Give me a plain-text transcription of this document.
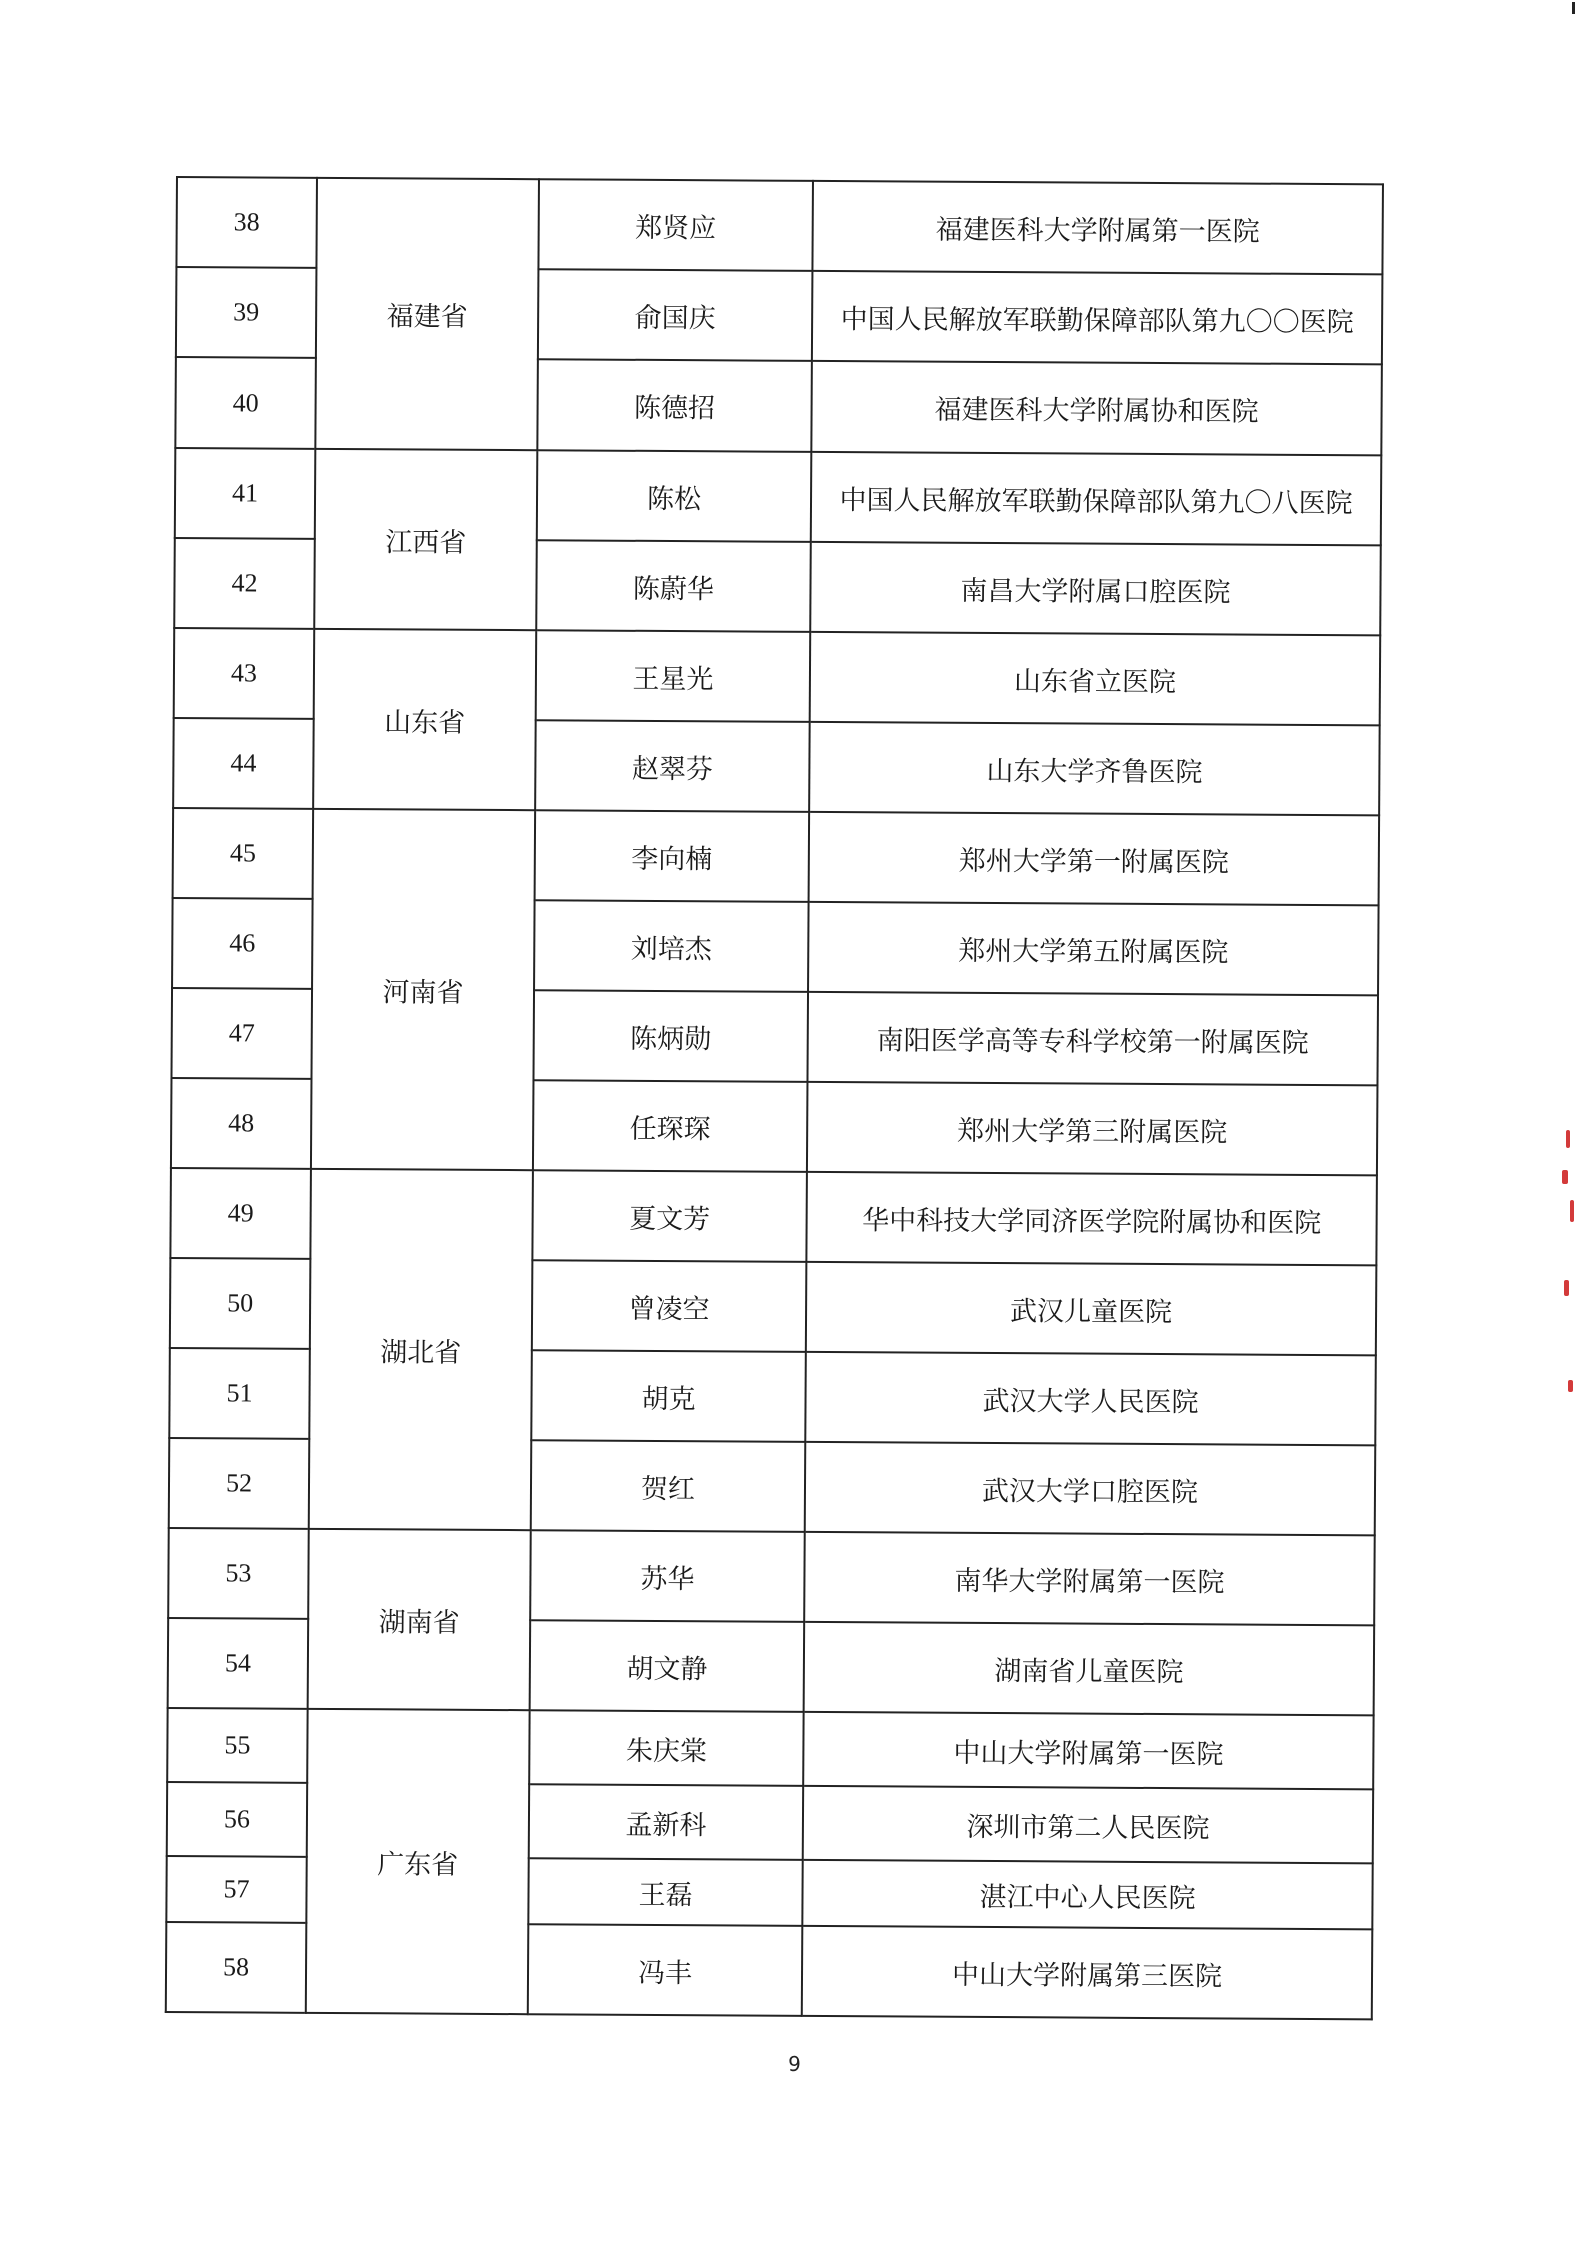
38	福建省	郑贤应	福建医科大学附属第一医院
39		俞国庆	中国人民解放军联勤保障部队第九〇〇医院
40		陈德招	福建医科大学附属协和医院
41	江西省	陈松	中国人民解放军联勤保障部队第九〇八医院
42		陈蔚华	南昌大学附属口腔医院
43	山东省	王星光	山东省立医院
44		赵翠芬	山东大学齐鲁医院
45	河南省	李向楠	郑州大学第一附属医院
46		刘培杰	郑州大学第五附属医院
47		陈炳勋	南阳医学高等专科学校第一附属医院
48		任琛琛	郑州大学第三附属医院
49	湖北省	夏文芳	华中科技大学同济医学院附属协和医院
50		曾凌空	武汉儿童医院
51		胡克	武汉大学人民医院
52		贺红	武汉大学口腔医院
53	湖南省	苏华	南华大学附属第一医院
54		胡文静	湖南省儿童医院
55	广东省	朱庆棠	中山大学附属第一医院
56		孟新科	深圳市第二人民医院
57		王磊	湛江中心人民医院
58		冯丰	中山大学附属第三医院
9
